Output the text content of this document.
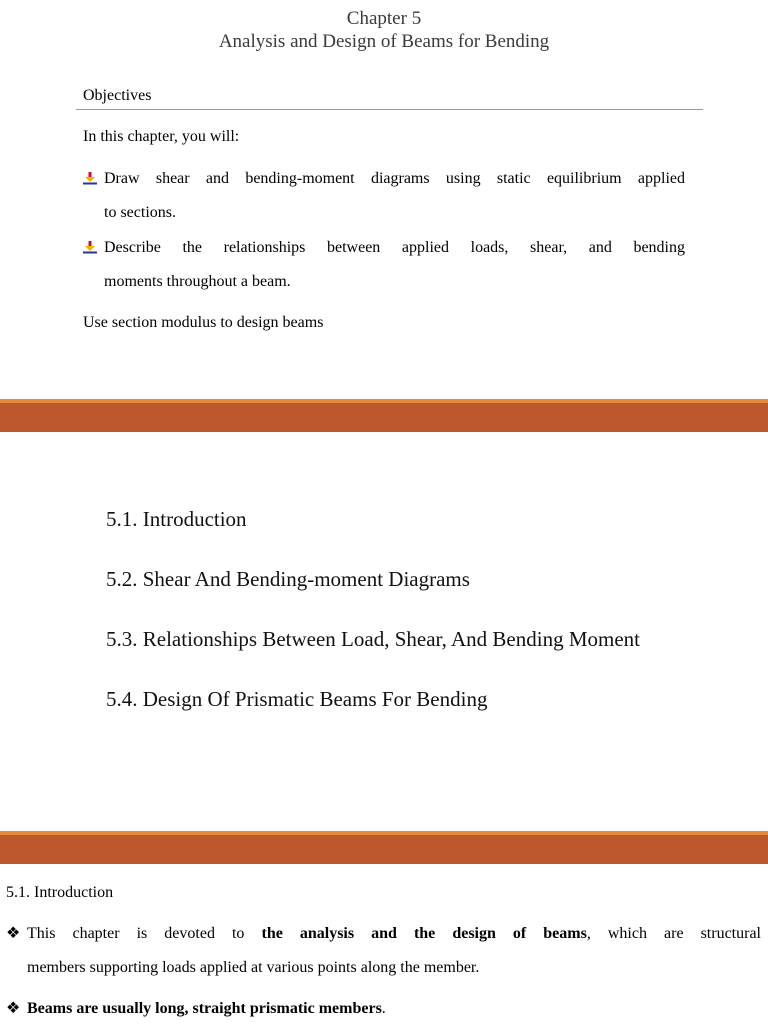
Chapter 5
Analysis and Design of Beams for Bending
Objectives
In this chapter, you will:
Draw shear and bending-moment diagrams using static equilibrium applied
to sections.
Describe the relationships between applied loads, shear, and bending
moments throughout a beam.
Use section modulus to design beams
5.1. Introduction
5.2. Shear And Bending-moment Diagrams
5.3. Relationships Between Load, Shear, And Bending Moment
5.4. Design Of Prismatic Beams For Bending
5.1. Introduction
❖ This chapter is devoted to the analysis and the design of beams, which are structural
members supporting loads applied at various points along the member.
❖ Beams are usually long, straight prismatic members.
